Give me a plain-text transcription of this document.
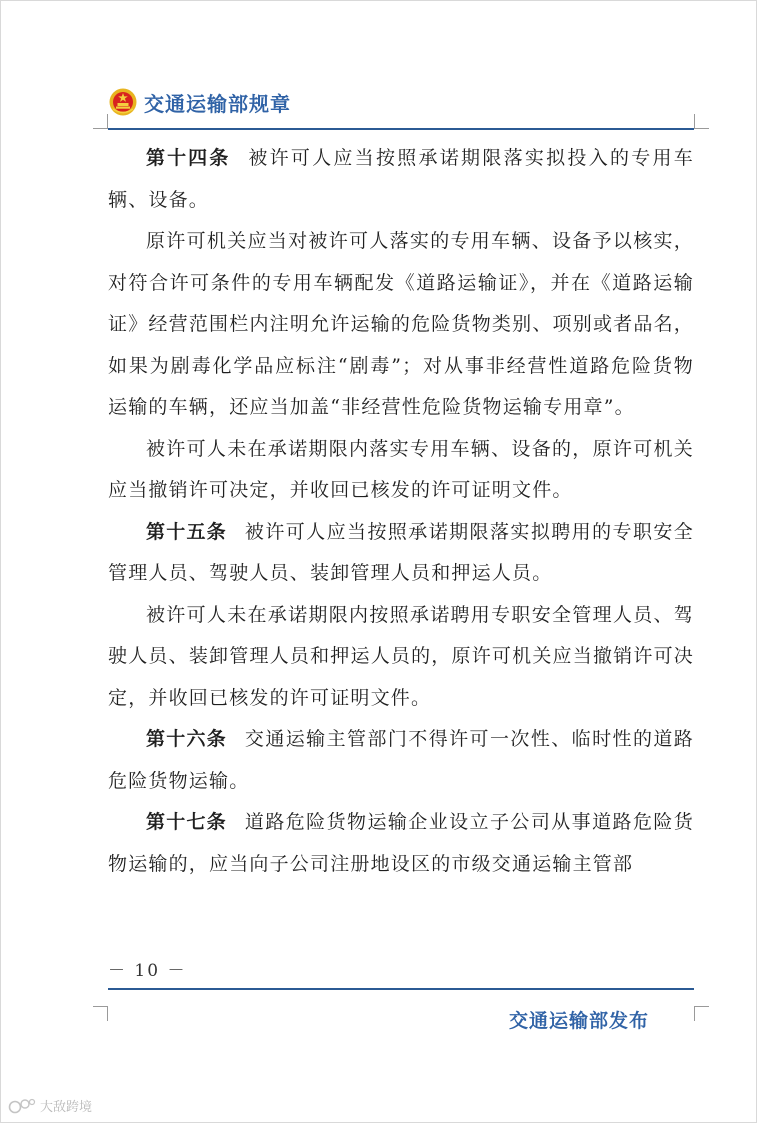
交通运输部规章

第十四条 被许可人应当按照承诺期限落实拟投入的专用车辆、设备。

原许可机关应当对被许可人落实的专用车辆、设备予以核实，对符合许可条件的专用车辆配发《道路运输证》，并在《道路运输证》经营范围栏内注明允许运输的危险货物类别、项别或者品名，如果为剧毒化学品应标注“剧毒”；对从事非经营性道路危险货物运输的车辆，还应当加盖“非经营性危险货物运输专用章”。

被许可人未在承诺期限内落实专用车辆、设备的，原许可机关应当撤销许可决定，并收回已核发的许可证明文件。

第十五条 被许可人应当按照承诺期限落实拟聘用的专职安全管理人员、驾驶人员、装卸管理人员和押运人员。

被许可人未在承诺期限内按照承诺聘用专职安全管理人员、驾驶人员、装卸管理人员和押运人员的，原许可机关应当撤销许可决定，并收回已核发的许可证明文件。

第十六条 交通运输主管部门不得许可一次性、临时性的道路危险货物运输。

第十七条 道路危险货物运输企业设立子公司从事道路危险货物运输的，应当向子公司注册地设区的市级交通运输主管部

－ 10 －
交通运输部发布
大敌跨境
